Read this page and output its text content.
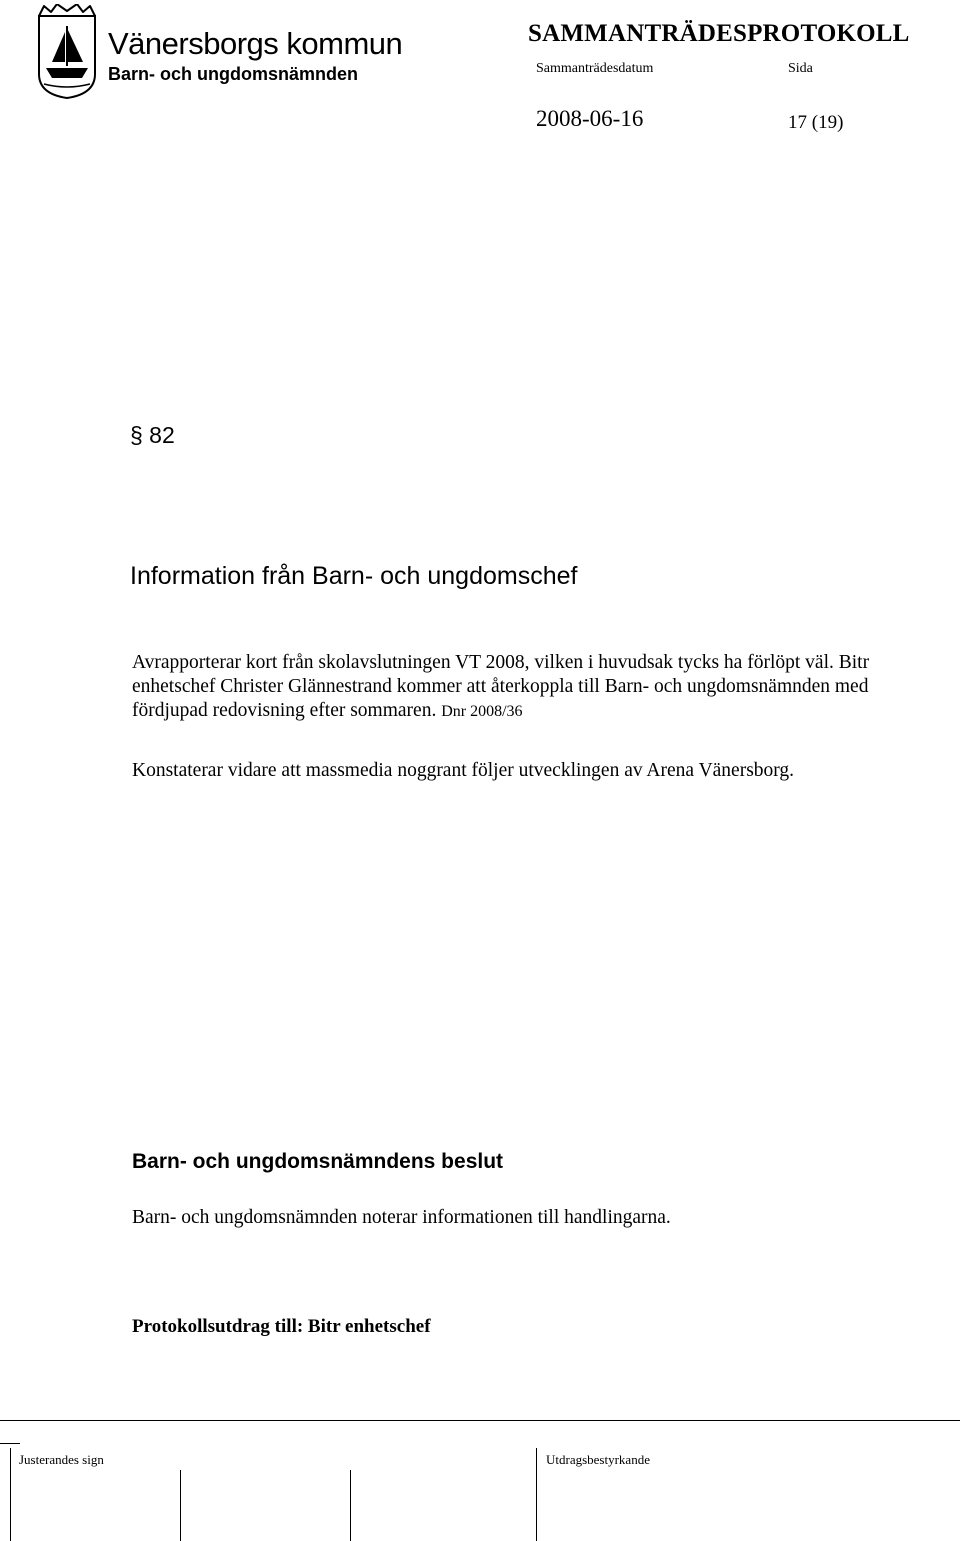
Vänersborgs kommun
Barn- och ungdomsnämnden
SAMMANTRÄDESPROTOKOLL
Sammanträdesdatum	Sida
2008-06-16	17 (19)
§ 82
Information från Barn- och ungdomschef
Avrapporterar kort från skolavslutningen VT 2008, vilken i huvudsak tycks ha förlöpt väl. Bitr enhetschef Christer Glännestrand kommer att återkoppla till Barn- och ungdomsnämnden med fördjupad redovisning efter sommaren. Dnr 2008/36
Konstaterar vidare att massmedia noggrant följer utvecklingen av Arena Vänersborg.
Barn- och ungdomsnämndens beslut
Barn- och ungdomsnämnden noterar informationen till handlingarna.
Protokollsutdrag till: Bitr enhetschef
Justerandes sign	Utdragsbestyrkande
